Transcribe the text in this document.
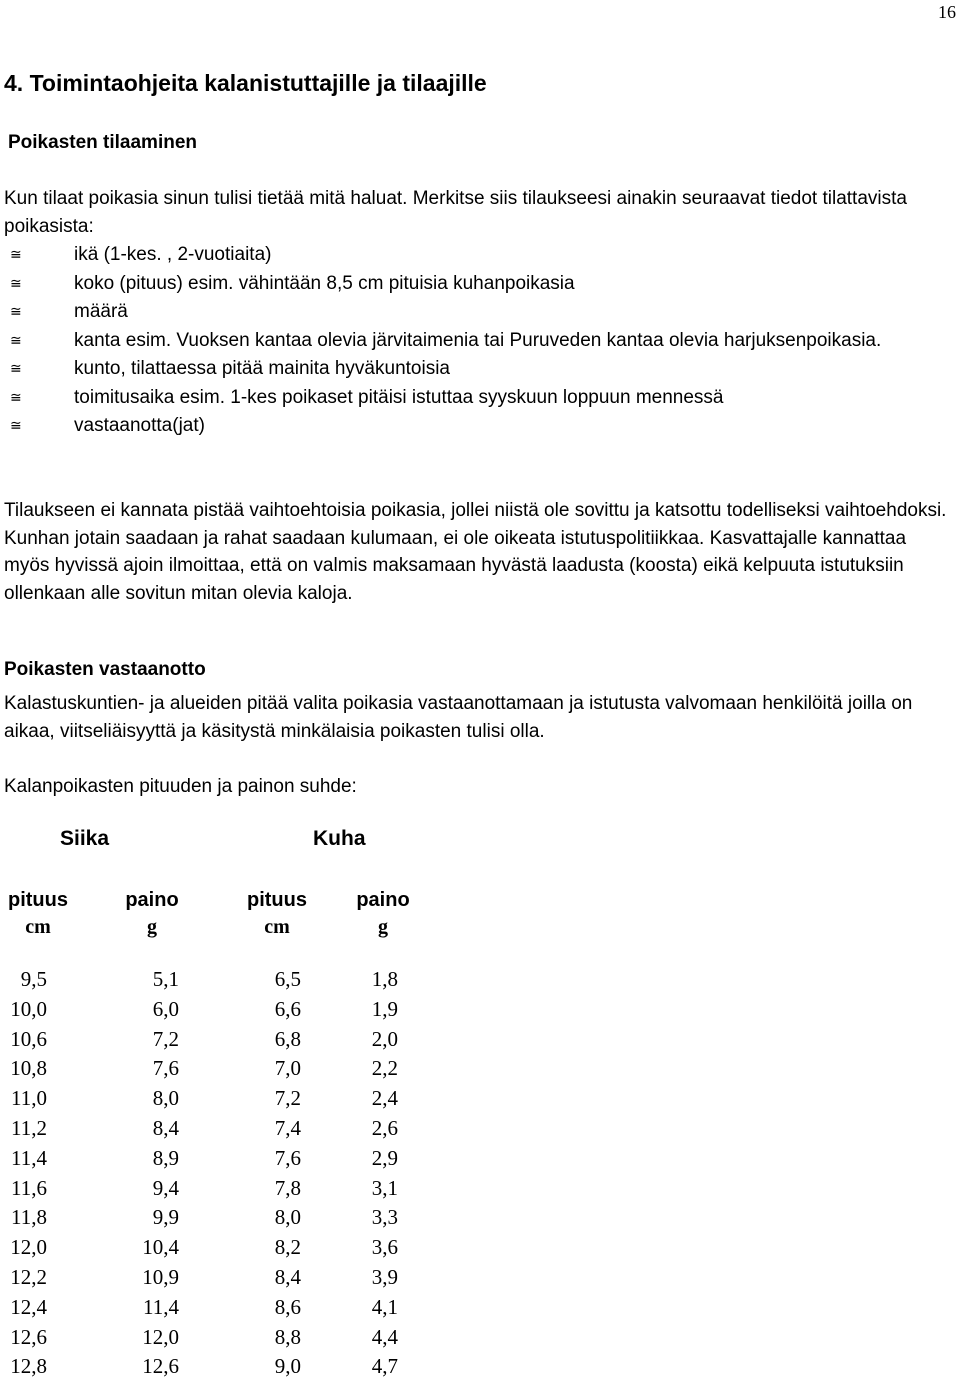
16
4. Toimintaohjeita kalanistuttajille ja tilaajille
Poikasten tilaaminen

Kun tilaat poikasia sinun tulisi tietää mitä haluat. Merkitse siis tilaukseesi ainakin seuraavat tiedot tilattavista poikasista:

≅	ikä (1-kes. , 2-vuotiaita)
≅	koko (pituus) esim. vähintään 8,5 cm pituisia kuhanpoikasia
≅	määrä
≅	kanta esim. Vuoksen kantaa olevia järvitaimenia tai Puruveden kantaa olevia harjuksenpoikasia.
≅	kunto, tilattaessa pitää mainita hyväkuntoisia
≅	toimitusaika esim. 1-kes poikaset pitäisi istuttaa syyskuun loppuun mennessä
≅	vastaanotta(jat)

Tilaukseen ei kannata pistää vaihtoehtoisia poikasia, jollei niistä ole sovittu ja katsottu todelliseksi vaihtoehdoksi. Kunhan jotain saadaan ja rahat saadaan kulumaan, ei ole oikeata istutuspolitiikkaa. Kasvattajalle kannattaa myös hyvissä ajoin ilmoittaa, että on valmis maksamaan hyvästä laadusta (koosta) eikä kelpuuta istutuksiin ollenkaan alle sovitun mitan olevia kaloja.

Poikasten vastaanotto

Kalastuskuntien- ja alueiden pitää valita poikasia vastaanottamaan ja istutusta valvomaan henkilöitä joilla on aikaa, viitseliäisyyttä ja käsitystä minkälaisia poikasten tulisi olla.

Kalanpoikasten pituuden ja painon suhde:

Siika	Kuha
pituus
cm
paino
g
pituus
cm
paino
g
9,5	5,1	6,5	1,8
10,0	6,0	6,6	1,9
10,6	7,2	6,8	2,0
10,8	7,6	7,0	2,2
11,0	8,0	7,2	2,4
11,2	8,4	7,4	2,6
11,4	8,9	7,6	2,9
11,6	9,4	7,8	3,1
11,8	9,9	8,0	3,3
12,0	10,4	8,2	3,6
12,2	10,9	8,4	3,9
12,4	11,4	8,6	4,1
12,6	12,0	8,8	4,4
12,8	12,6	9,0	4,7
